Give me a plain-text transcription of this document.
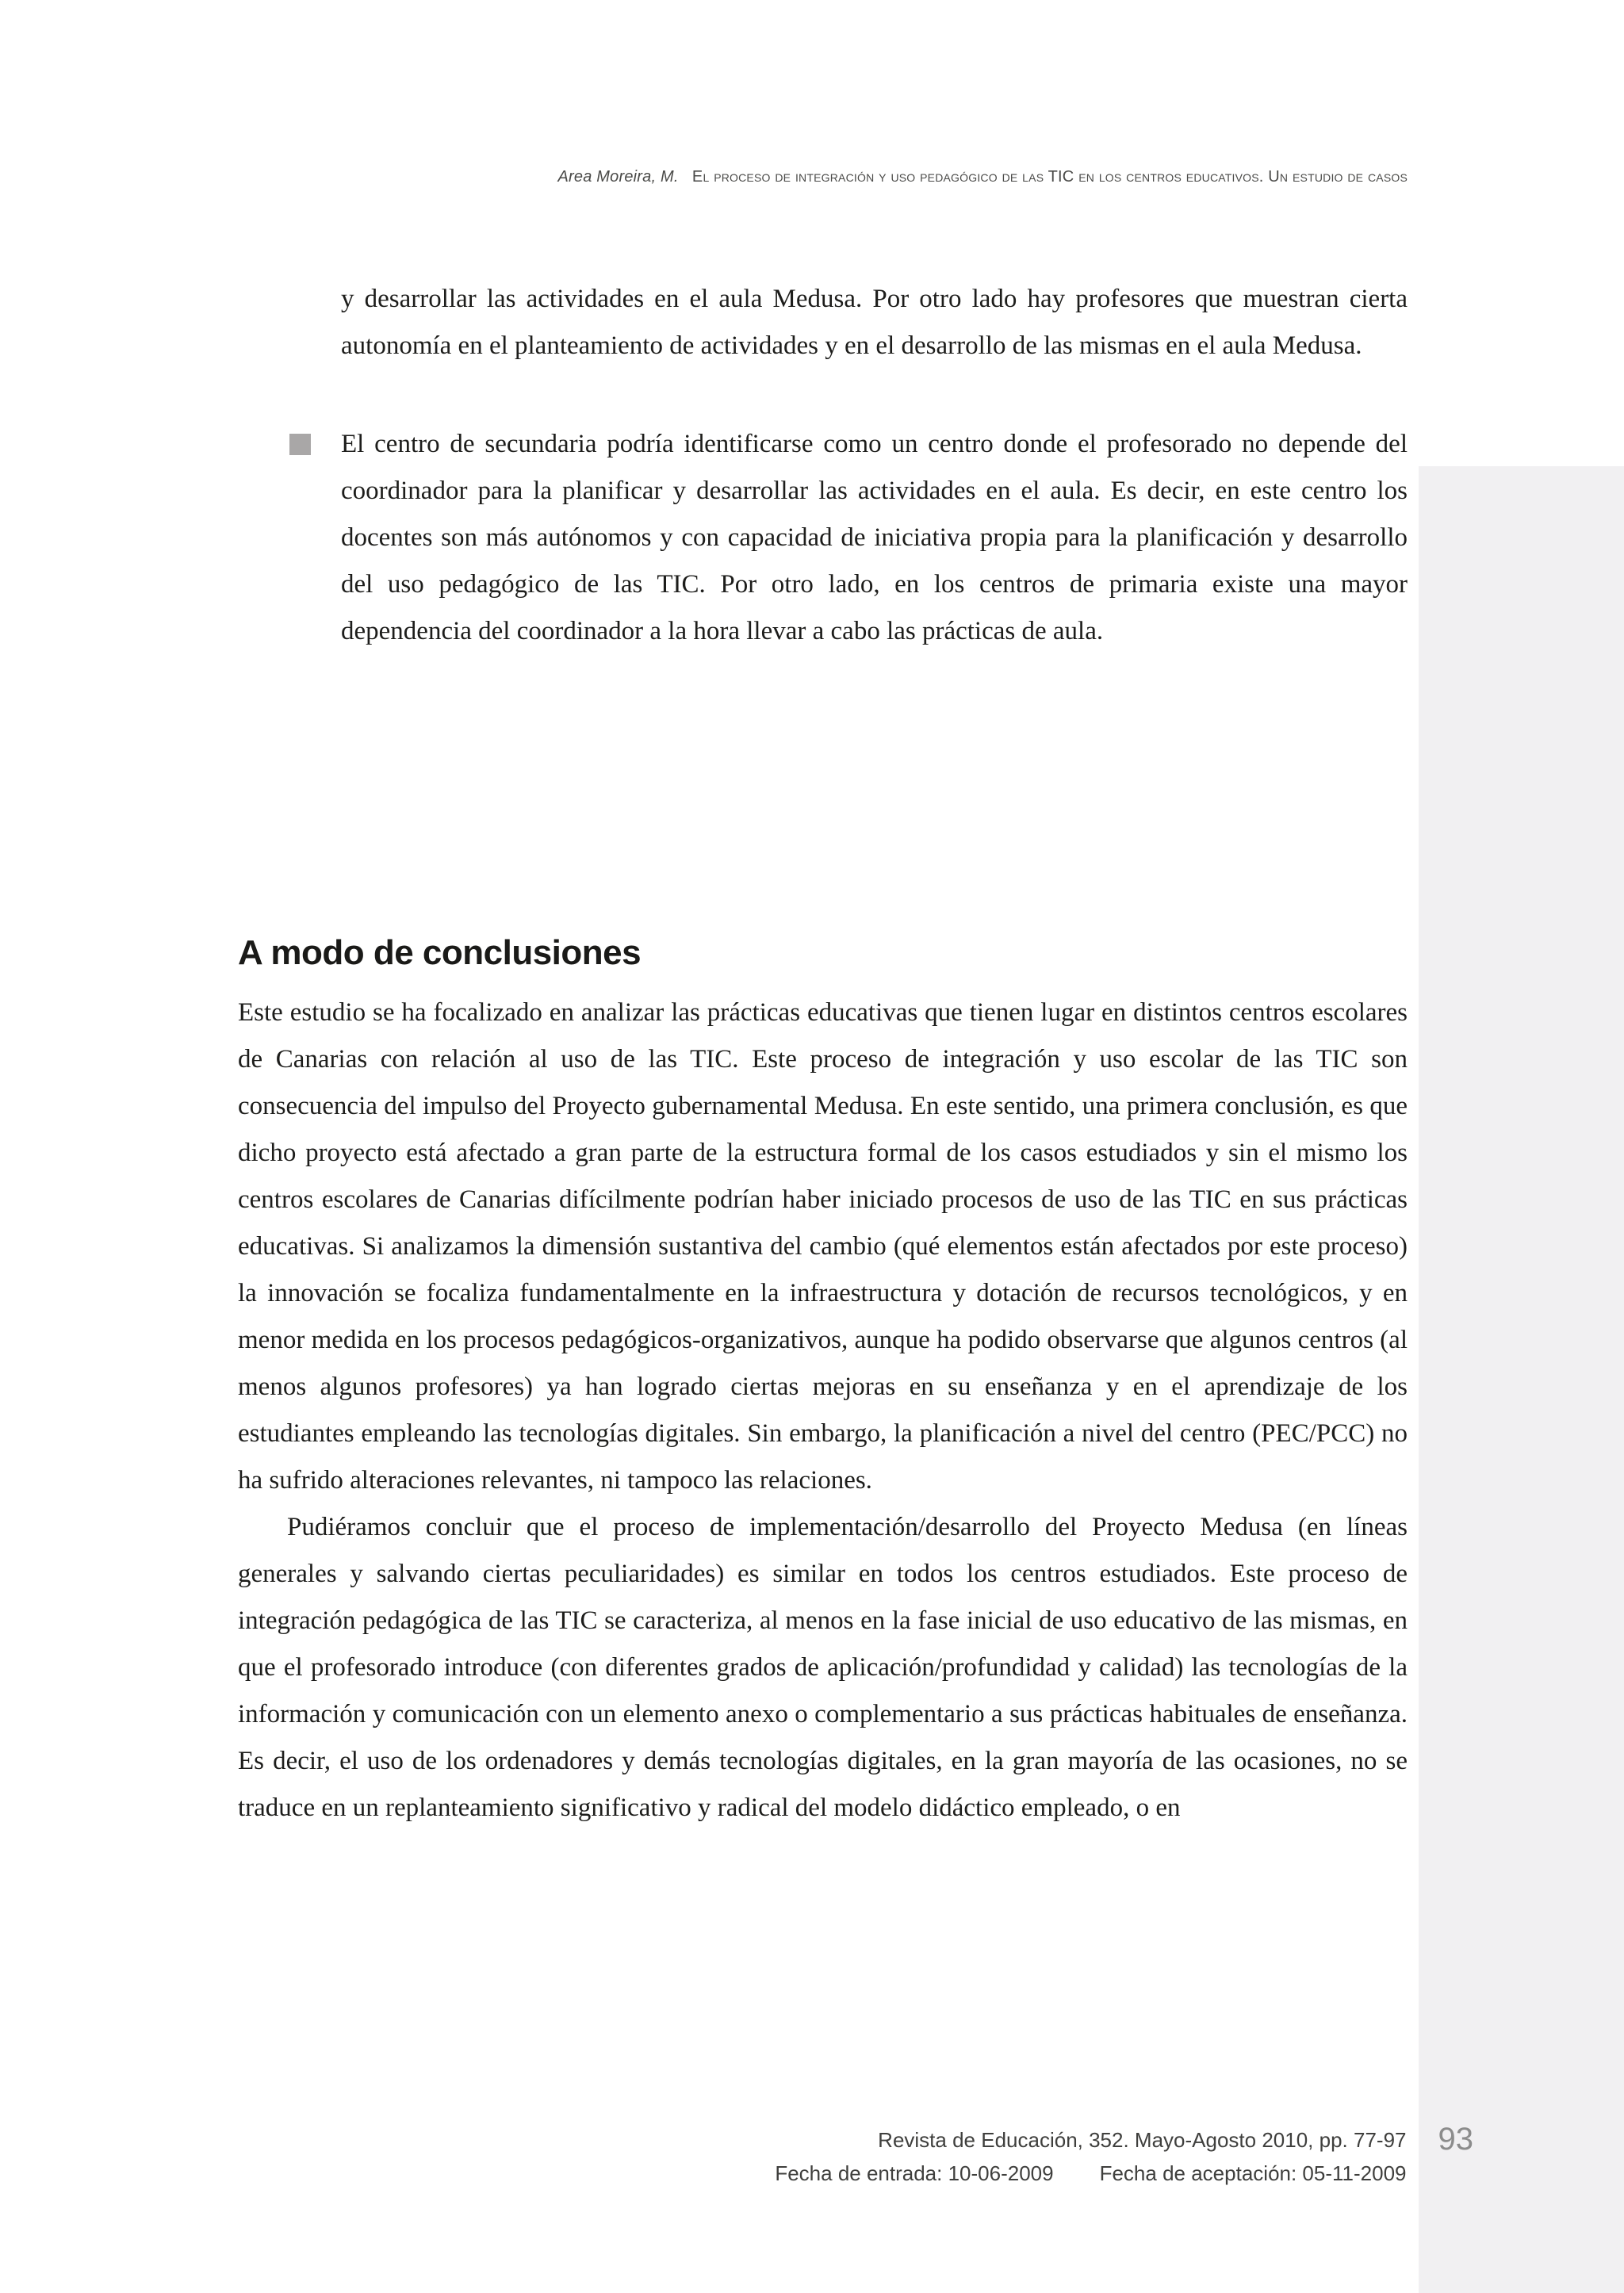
Area Moreira, M. El proceso de integración y uso pedagógico de las TIC en los centros educativos. Un estudio de casos
y desarrollar las actividades en el aula Medusa. Por otro lado hay profesores que muestran cierta autonomía en el planteamiento de actividades y en el desarrollo de las mismas en el aula Medusa.
El centro de secundaria podría identificarse como un centro donde el profesorado no depende del coordinador para la planificar y desarrollar las actividades en el aula. Es decir, en este centro los docentes son más autónomos y con capacidad de iniciativa propia para la planificación y desarrollo del uso pedagógico de las TIC. Por otro lado, en los centros de primaria existe una mayor dependencia del coordinador a la hora llevar a cabo las prácticas de aula.
A modo de conclusiones

Este estudio se ha focalizado en analizar las prácticas educativas que tienen lugar en distintos centros escolares de Canarias con relación al uso de las TIC. Este proceso de integración y uso escolar de las TIC son consecuencia del impulso del Proyecto gubernamental Medusa. En este sentido, una primera conclusión, es que dicho proyecto está afectado a gran parte de la estructura formal de los casos estudiados y sin el mismo los centros escolares de Canarias difícilmente podrían haber iniciado procesos de uso de las TIC en sus prácticas educativas. Si analizamos la dimensión sustantiva del cambio (qué elementos están afectados por este proceso) la innovación se focaliza fundamentalmente en la infraestructura y dotación de recursos tecnológicos, y en menor medida en los procesos pedagógicos-organizativos, aunque ha podido observarse que algunos centros (al menos algunos profesores) ya han logrado ciertas mejoras en su enseñanza y en el aprendizaje de los estudiantes empleando las tecnologías digitales. Sin embargo, la planificación a nivel del centro (PEC/PCC) no ha sufrido alteraciones relevantes, ni tampoco las relaciones.

Pudiéramos concluir que el proceso de implementación/desarrollo del Proyecto Medusa (en líneas generales y salvando ciertas peculiaridades) es similar en todos los centros estudiados. Este proceso de integración pedagógica de las TIC se caracteriza, al menos en la fase inicial de uso educativo de las mismas, en que el profesorado introduce (con diferentes grados de aplicación/profundidad y calidad) las tecnologías de la información y comunicación con un elemento anexo o complementario a sus prácticas habituales de enseñanza. Es decir, el uso de los ordenadores y demás tecnologías digitales, en la gran mayoría de las ocasiones, no se traduce en un replanteamiento significativo y radical del modelo didáctico empleado, o en

Revista de Educación, 352. Mayo-Agosto 2010, pp. 77-97
Fecha de entrada: 10-06-2009 Fecha de aceptación: 05-11-2009
93
